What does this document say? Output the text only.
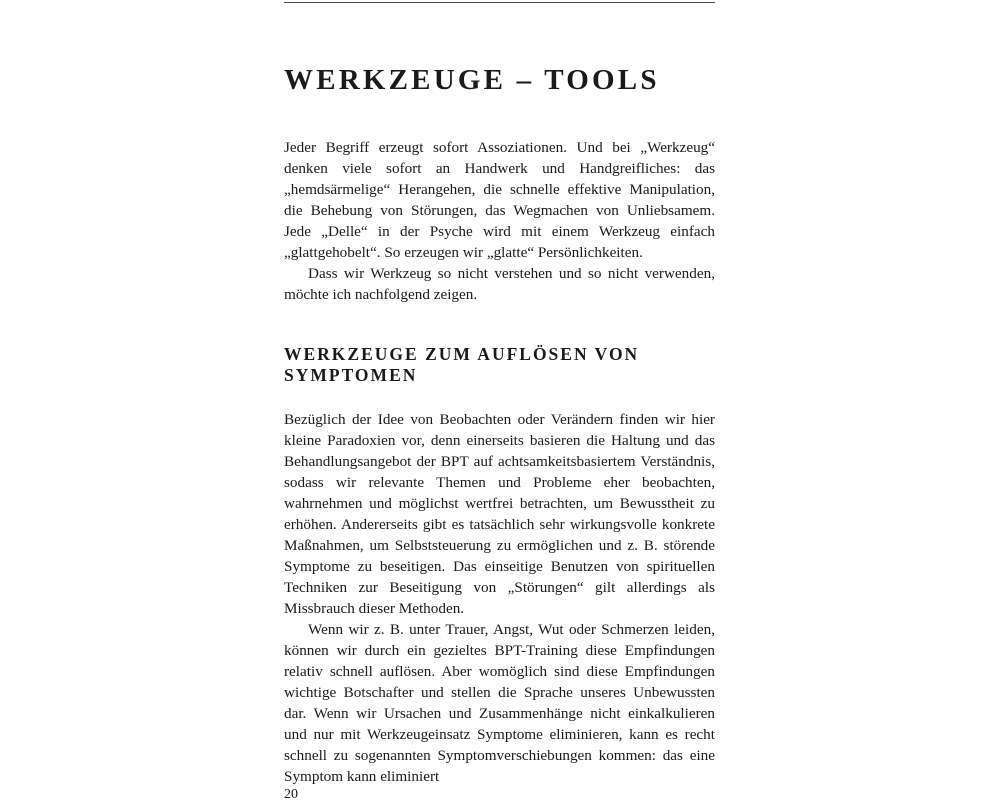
WERKZEUGE – TOOLS

Jeder Begriff erzeugt sofort Assoziationen. Und bei „Werkzeug“ denken viele sofort an Handwerk und Handgreifliches: das „hemdsärmelige“ Herangehen, die schnelle effektive Manipulation, die Behebung von Störungen, das Wegmachen von Unliebsamem. Jede „Delle“ in der Psyche wird mit einem Werkzeug einfach „glattgehobelt“. So erzeugen wir „glatte“ Persönlichkeiten.

Dass wir Werkzeug so nicht verstehen und so nicht verwenden, möchte ich nachfolgend zeigen.

WERKZEUGE ZUM AUFLÖSEN VON SYMPTOMEN

Bezüglich der Idee von Beobachten oder Verändern finden wir hier kleine Paradoxien vor, denn einerseits basieren die Haltung und das Behandlungsangebot der BPT auf achtsamkeitsbasiertem Verständnis, sodass wir relevante Themen und Probleme eher beobachten, wahrnehmen und möglichst wertfrei betrachten, um Bewusstheit zu erhöhen. Andererseits gibt es tatsächlich sehr wirkungsvolle konkrete Maßnahmen, um Selbststeuerung zu ermöglichen und z. B. störende Symptome zu beseitigen. Das einseitige Benutzen von spirituellen Techniken zur Beseitigung von „Störungen“ gilt allerdings als Missbrauch dieser Methoden.

Wenn wir z. B. unter Trauer, Angst, Wut oder Schmerzen leiden, können wir durch ein gezieltes BPT-Training diese Empfindungen relativ schnell auflösen. Aber womöglich sind diese Empfindungen wichtige Botschafter und stellen die Sprache unseres Unbewussten dar. Wenn wir Ursachen und Zusammenhänge nicht einkalkulieren und nur mit Werkzeugeinsatz Symptome eliminieren, kann es recht schnell zu sogenannten Symptomverschiebungen kommen: das eine Symptom kann eliminiert

20
